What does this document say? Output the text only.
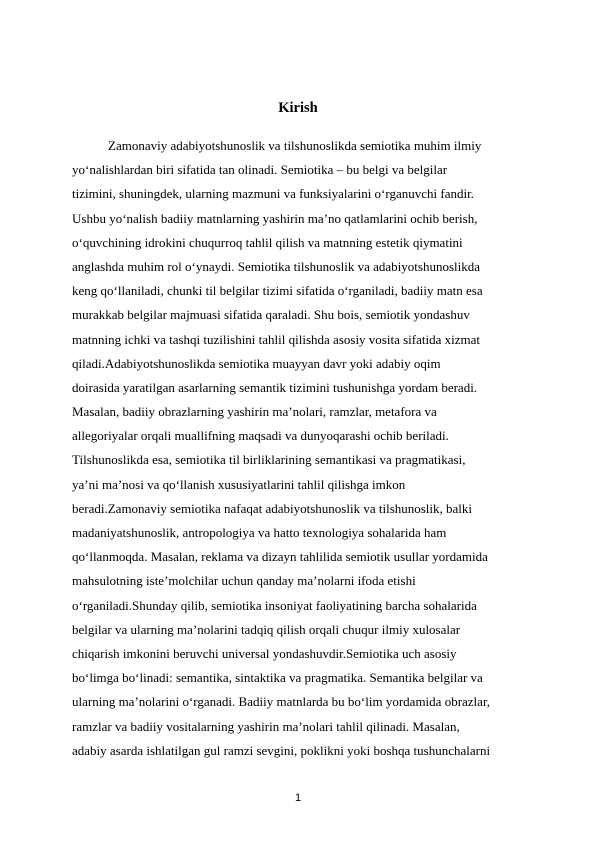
Kirish
Zamonaviy adabiyotshunoslik va tilshunoslikda semiotika muhim ilmiy
yo‘nalishlardan biri sifatida tan olinadi. Semiotika – bu belgi va belgilar
tizimini, shuningdek, ularning mazmuni va funksiyalarini o‘rganuvchi fandir.
Ushbu yo‘nalish badiiy matnlarning yashirin ma’no qatlamlarini ochib berish,
o‘quvchining idrokini chuqurroq tahlil qilish va matnning estetik qiymatini
anglashda muhim rol o‘ynaydi. Semiotika tilshunoslik va adabiyotshunoslikda
keng qo‘llaniladi, chunki til belgilar tizimi sifatida o‘rganiladi, badiiy matn esa
murakkab belgilar majmuasi sifatida qaraladi. Shu bois, semiotik yondashuv
matnning ichki va tashqi tuzilishini tahlil qilishda asosiy vosita sifatida xizmat
qiladi.Adabiyotshunoslikda semiotika muayyan davr yoki adabiy oqim
doirasida yaratilgan asarlarning semantik tizimini tushunishga yordam beradi.
Masalan, badiiy obrazlarning yashirin ma’nolari, ramzlar, metafora va
allegoriyalar orqali muallifning maqsadi va dunyoqarashi ochib beriladi.
Tilshunoslikda esa, semiotika til birliklarining semantikasi va pragmatikasi,
ya’ni ma’nosi va qo‘llanish xususiyatlarini tahlil qilishga imkon
beradi.Zamonaviy semiotika nafaqat adabiyotshunoslik va tilshunoslik, balki
madaniyatshunoslik, antropologiya va hatto texnologiya sohalarida ham
qo‘llanmoqda. Masalan, reklama va dizayn tahlilida semiotik usullar yordamida
mahsulotning iste’molchilar uchun qanday ma’nolarni ifoda etishi
o‘rganiladi.Shunday qilib, semiotika insoniyat faoliyatining barcha sohalarida
belgilar va ularning ma’nolarini tadqiq qilish orqali chuqur ilmiy xulosalar
chiqarish imkonini beruvchi universal yondashuvdir.Semiotika uch asosiy
bo‘limga bo‘linadi: semantika, sintaktika va pragmatika. Semantika belgilar va
ularning ma’nolarini o‘rganadi. Badiiy matnlarda bu bo‘lim yordamida obrazlar,
ramzlar va badiiy vositalarning yashirin ma’nolari tahlil qilinadi. Masalan,
adabiy asarda ishlatilgan gul ramzi sevgini, poklikni yoki boshqa tushunchalarni
1
